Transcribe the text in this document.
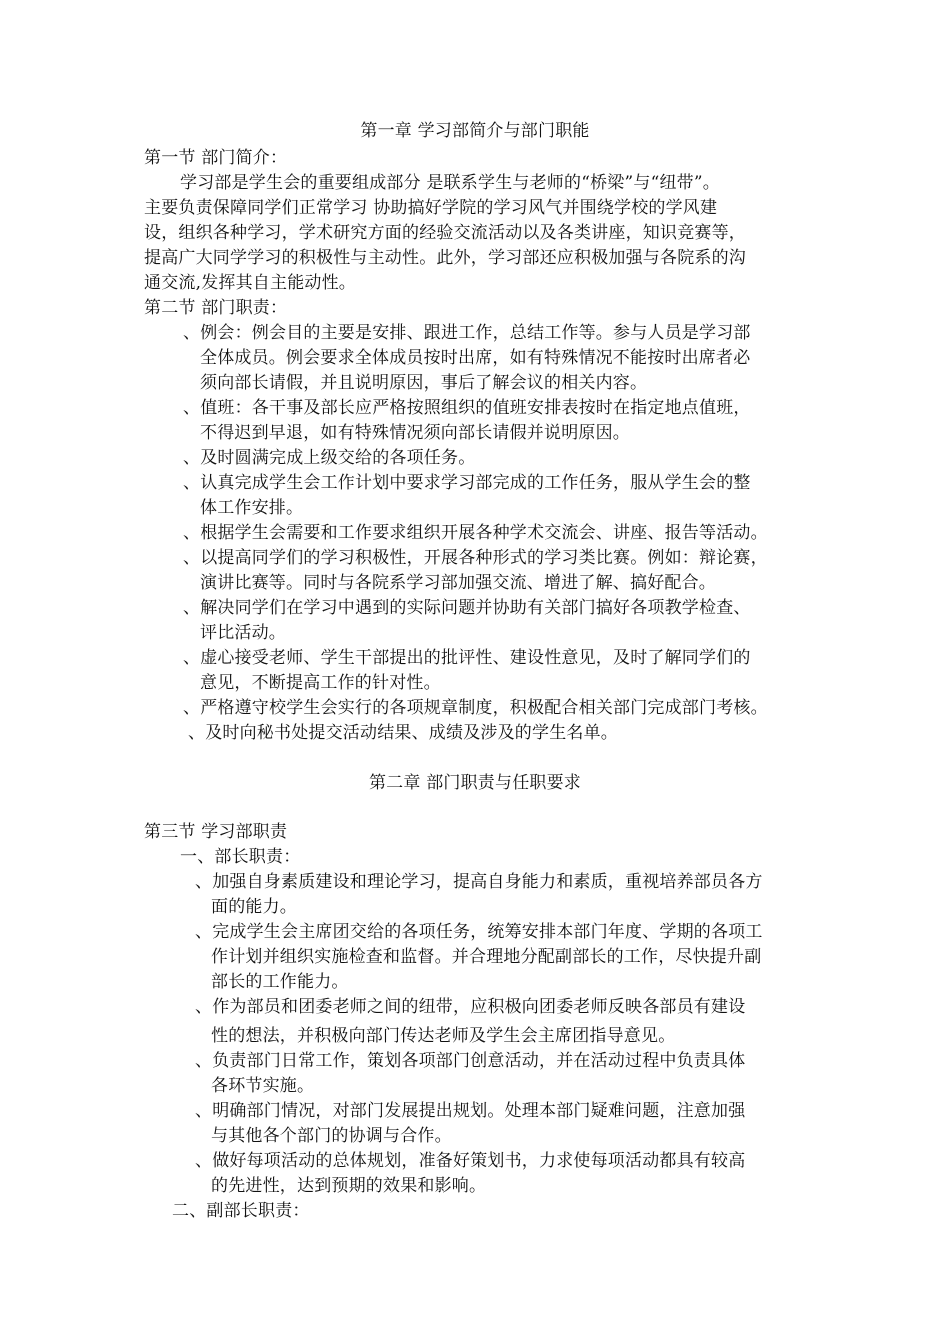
第一章 学习部简介与部门职能
第一节 部门简介：
学习部是学生会的重要组成部分 是联系学生与老师的“桥梁”与“纽带”。
主要负责保障同学们正常学习 协助搞好学院的学习风气并围绕学校的学风建
设，组织各种学习，学术研究方面的经验交流活动以及各类讲座，知识竞赛等，
提高广大同学学习的积极性与主动性。此外，学习部还应积极加强与各院系的沟
通交流,发挥其自主能动性。
第二节 部门职责：
、例会：例会目的主要是安排、跟进工作，总结工作等。参与人员是学习部
全体成员。例会要求全体成员按时出席，如有特殊情况不能按时出席者必
须向部长请假，并且说明原因，事后了解会议的相关内容。
、值班：各干事及部长应严格按照组织的值班安排表按时在指定地点值班，
不得迟到早退，如有特殊情况须向部长请假并说明原因。
、及时圆满完成上级交给的各项任务。
、认真完成学生会工作计划中要求学习部完成的工作任务，服从学生会的整
体工作安排。
、根据学生会需要和工作要求组织开展各种学术交流会、讲座、报告等活动。
、以提高同学们的学习积极性，开展各种形式的学习类比赛。例如：辩论赛，
演讲比赛等。同时与各院系学习部加强交流、增进了解、搞好配合。
、解决同学们在学习中遇到的实际问题并协助有关部门搞好各项教学检查、
评比活动。
、虚心接受老师、学生干部提出的批评性、建设性意见，及时了解同学们的
意见，不断提高工作的针对性。
、严格遵守校学生会实行的各项规章制度，积极配合相关部门完成部门考核。
、及时向秘书处提交活动结果、成绩及涉及的学生名单。
第二章 部门职责与任职要求
第三节 学习部职责
一、部长职责：
、加强自身素质建设和理论学习，提高自身能力和素质，重视培养部员各方
面的能力。
、完成学生会主席团交给的各项任务，统筹安排本部门年度、学期的各项工
作计划并组织实施检查和监督。并合理地分配副部长的工作，尽快提升副
部长的工作能力。
、作为部员和团委老师之间的纽带，应积极向团委老师反映各部员有建设
性的想法，并积极向部门传达老师及学生会主席团指导意见。
、负责部门日常工作，策划各项部门创意活动，并在活动过程中负责具体
各环节实施。
、明确部门情况，对部门发展提出规划。处理本部门疑难问题，注意加强
与其他各个部门的协调与合作。
、做好每项活动的总体规划，准备好策划书，力求使每项活动都具有较高
的先进性，达到预期的效果和影响。
二、副部长职责：
